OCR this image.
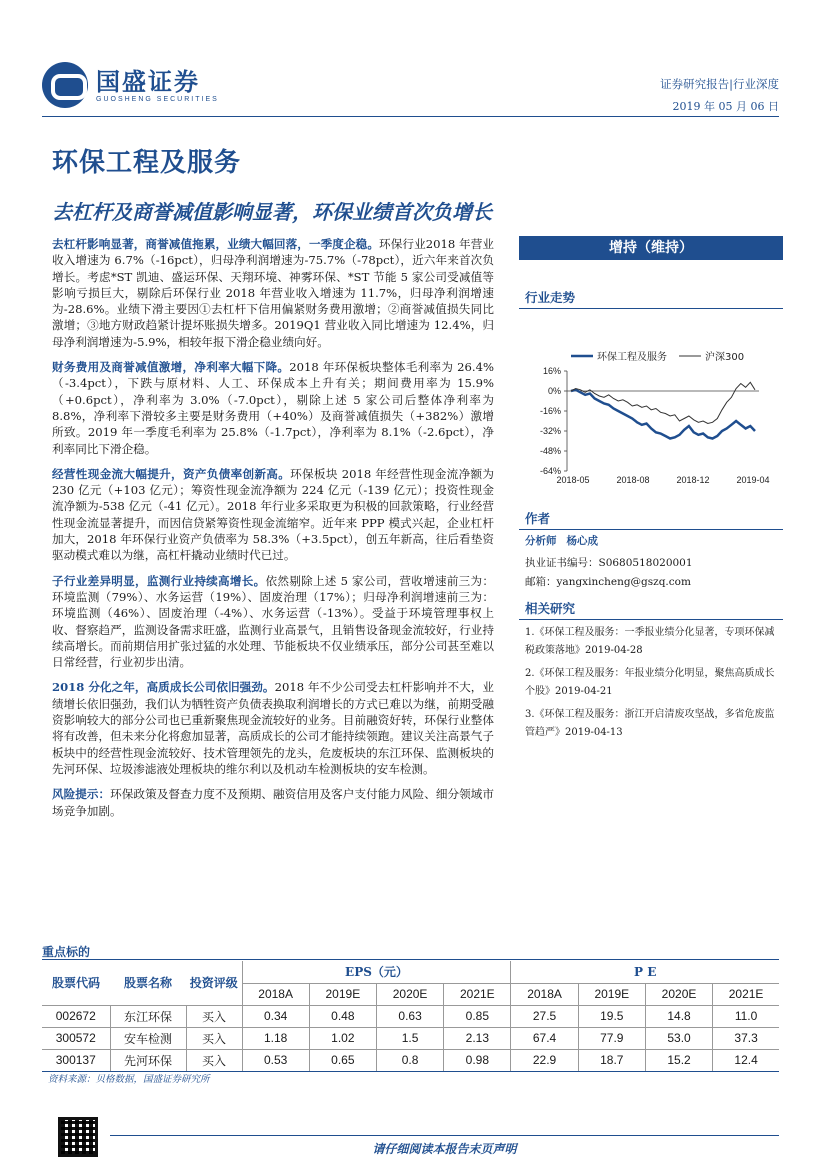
国盛证券
GUOSHENG SECURITIES
证券研究报告|行业深度
2019 年 05 月 06 日
环保工程及服务
去杠杆及商誉减值影响显著，环保业绩首次负增长

去杠杆影响显著，商誉减值拖累，业绩大幅回落，一季度企稳。环保行业2018 年营业收入增速为 6.7%（-16pct），归母净利润增速为-75.7%（-78pct），近六年来首次负增长。考虑*ST 凯迪、盛运环保、天翔环境、神雾环保、*ST 节能 5 家公司受减值等影响亏损巨大，剔除后环保行业 2018 年营业收入增速为 11.7%，归母净利润增速为-28.6%。业绩下滑主要因①去杠杆下信用偏紧财务费用激增；②商誉减值损失同比激增；③地方财政趋紧计提坏账损失增多。2019Q1 营业收入同比增速为 12.4%，归母净利润增速为-5.9%，相较年报下滑企稳业绩向好。

财务费用及商誉减值激增，净利率大幅下降。2018 年环保板块整体毛利率为 26.4%（-3.4pct），下跌与原材料、人工、环保成本上升有关；期间费用率为 15.9%（+0.6pct），净利率为 3.0%（-7.0pct），剔除上述 5 家公司后整体净利率为 8.8%，净利率下滑较多主要是财务费用（+40%）及商誉减值损失（+382%）激增所致。2019 年一季度毛利率为 25.8%（-1.7pct），净利率为 8.1%（-2.6pct），净利率同比下滑企稳。

经营性现金流大幅提升，资产负债率创新高。环保板块 2018 年经营性现金流净额为 230 亿元（+103 亿元）；筹资性现金流净额为 224 亿元（-139 亿元）；投资性现金流净额为-538 亿元（-41 亿元）。2018 年行业多采取更为积极的回款策略，行业经营性现金流显著提升，而因信贷紧筹资性现金流缩窄。近年来 PPP 模式兴起，企业杠杆加大，2018 年环保行业资产负债率为 58.3%（+3.5pct），创五年新高，往后看垫资驱动模式难以为继，高杠杆撬动业绩时代已过。

子行业差异明显，监测行业持续高增长。依然剔除上述 5 家公司，营收增速前三为：环境监测（79%）、水务运营（19%）、固废治理（17%）；归母净利润增速前三为：环境监测（46%）、固废治理（-4%）、水务运营（-13%）。受益于环境管理事权上收、督察趋严，监测设备需求旺盛，监测行业高景气，且销售设备现金流较好，行业持续高增长。而前期信用扩张过猛的水处理、节能板块不仅业绩承压，部分公司甚至难以日常经营，行业初步出清。

2018 分化之年，高质成长公司依旧强劲。2018 年不少公司受去杠杆影响并不大，业绩增长依旧强劲，我们认为牺牲资产负债表换取利润增长的方式已难以为继，前期受融资影响较大的部分公司也已重新聚焦现金流较好的业务。目前融资好转，环保行业整体将有改善，但未来分化将愈加显著，高质成长的公司才能持续领跑。建议关注高景气子板块中的经营性现金流较好、技术管理领先的龙头，危废板块的东江环保、监测板块的先河环保、垃圾渗滤液处理板块的维尔利以及机动车检测板块的安车检测。

风险提示：环保政策及督查力度不及预期、融资信用及客户支付能力风险、细分领域市场竞争加剧。

增持（维持）
行业走势
环保工程及服务	沪深300
16%
0%
-16%
-32%
-48%
-64%
2018-05	2018-08	2018-12	2019-04
作者
分析师 杨心成
执业证书编号：S0680518020001
邮箱：yangxincheng@gszq.com
相关研究
1.《环保工程及服务：一季报业绩分化显著，专项环保减税政策落地》2019-04-28
2.《环保工程及服务：年报业绩分化明显，聚焦高质成长个股》2019-04-21
3.《环保工程及服务：浙江开启清废攻坚战，多省危废监管趋严》2019-04-13
重点标的
股票代码	股票名称	投资评级	EPS（元）				P E			
			2018A	2019E	2020E	2021E	2018A	2019E	2020E	2021E
002672	东江环保	买入	0.34	0.48	0.63	0.85	27.5	19.5	14.8	11.0
300572	安车检测	买入	1.18	1.02	1.5	2.13	67.4	77.9	53.0	37.3
300137	先河环保	买入	0.53	0.65	0.8	0.98	22.9	18.7	15.2	12.4
资料来源：贝格数据，国盛证券研究所
请仔细阅读本报告末页声明
